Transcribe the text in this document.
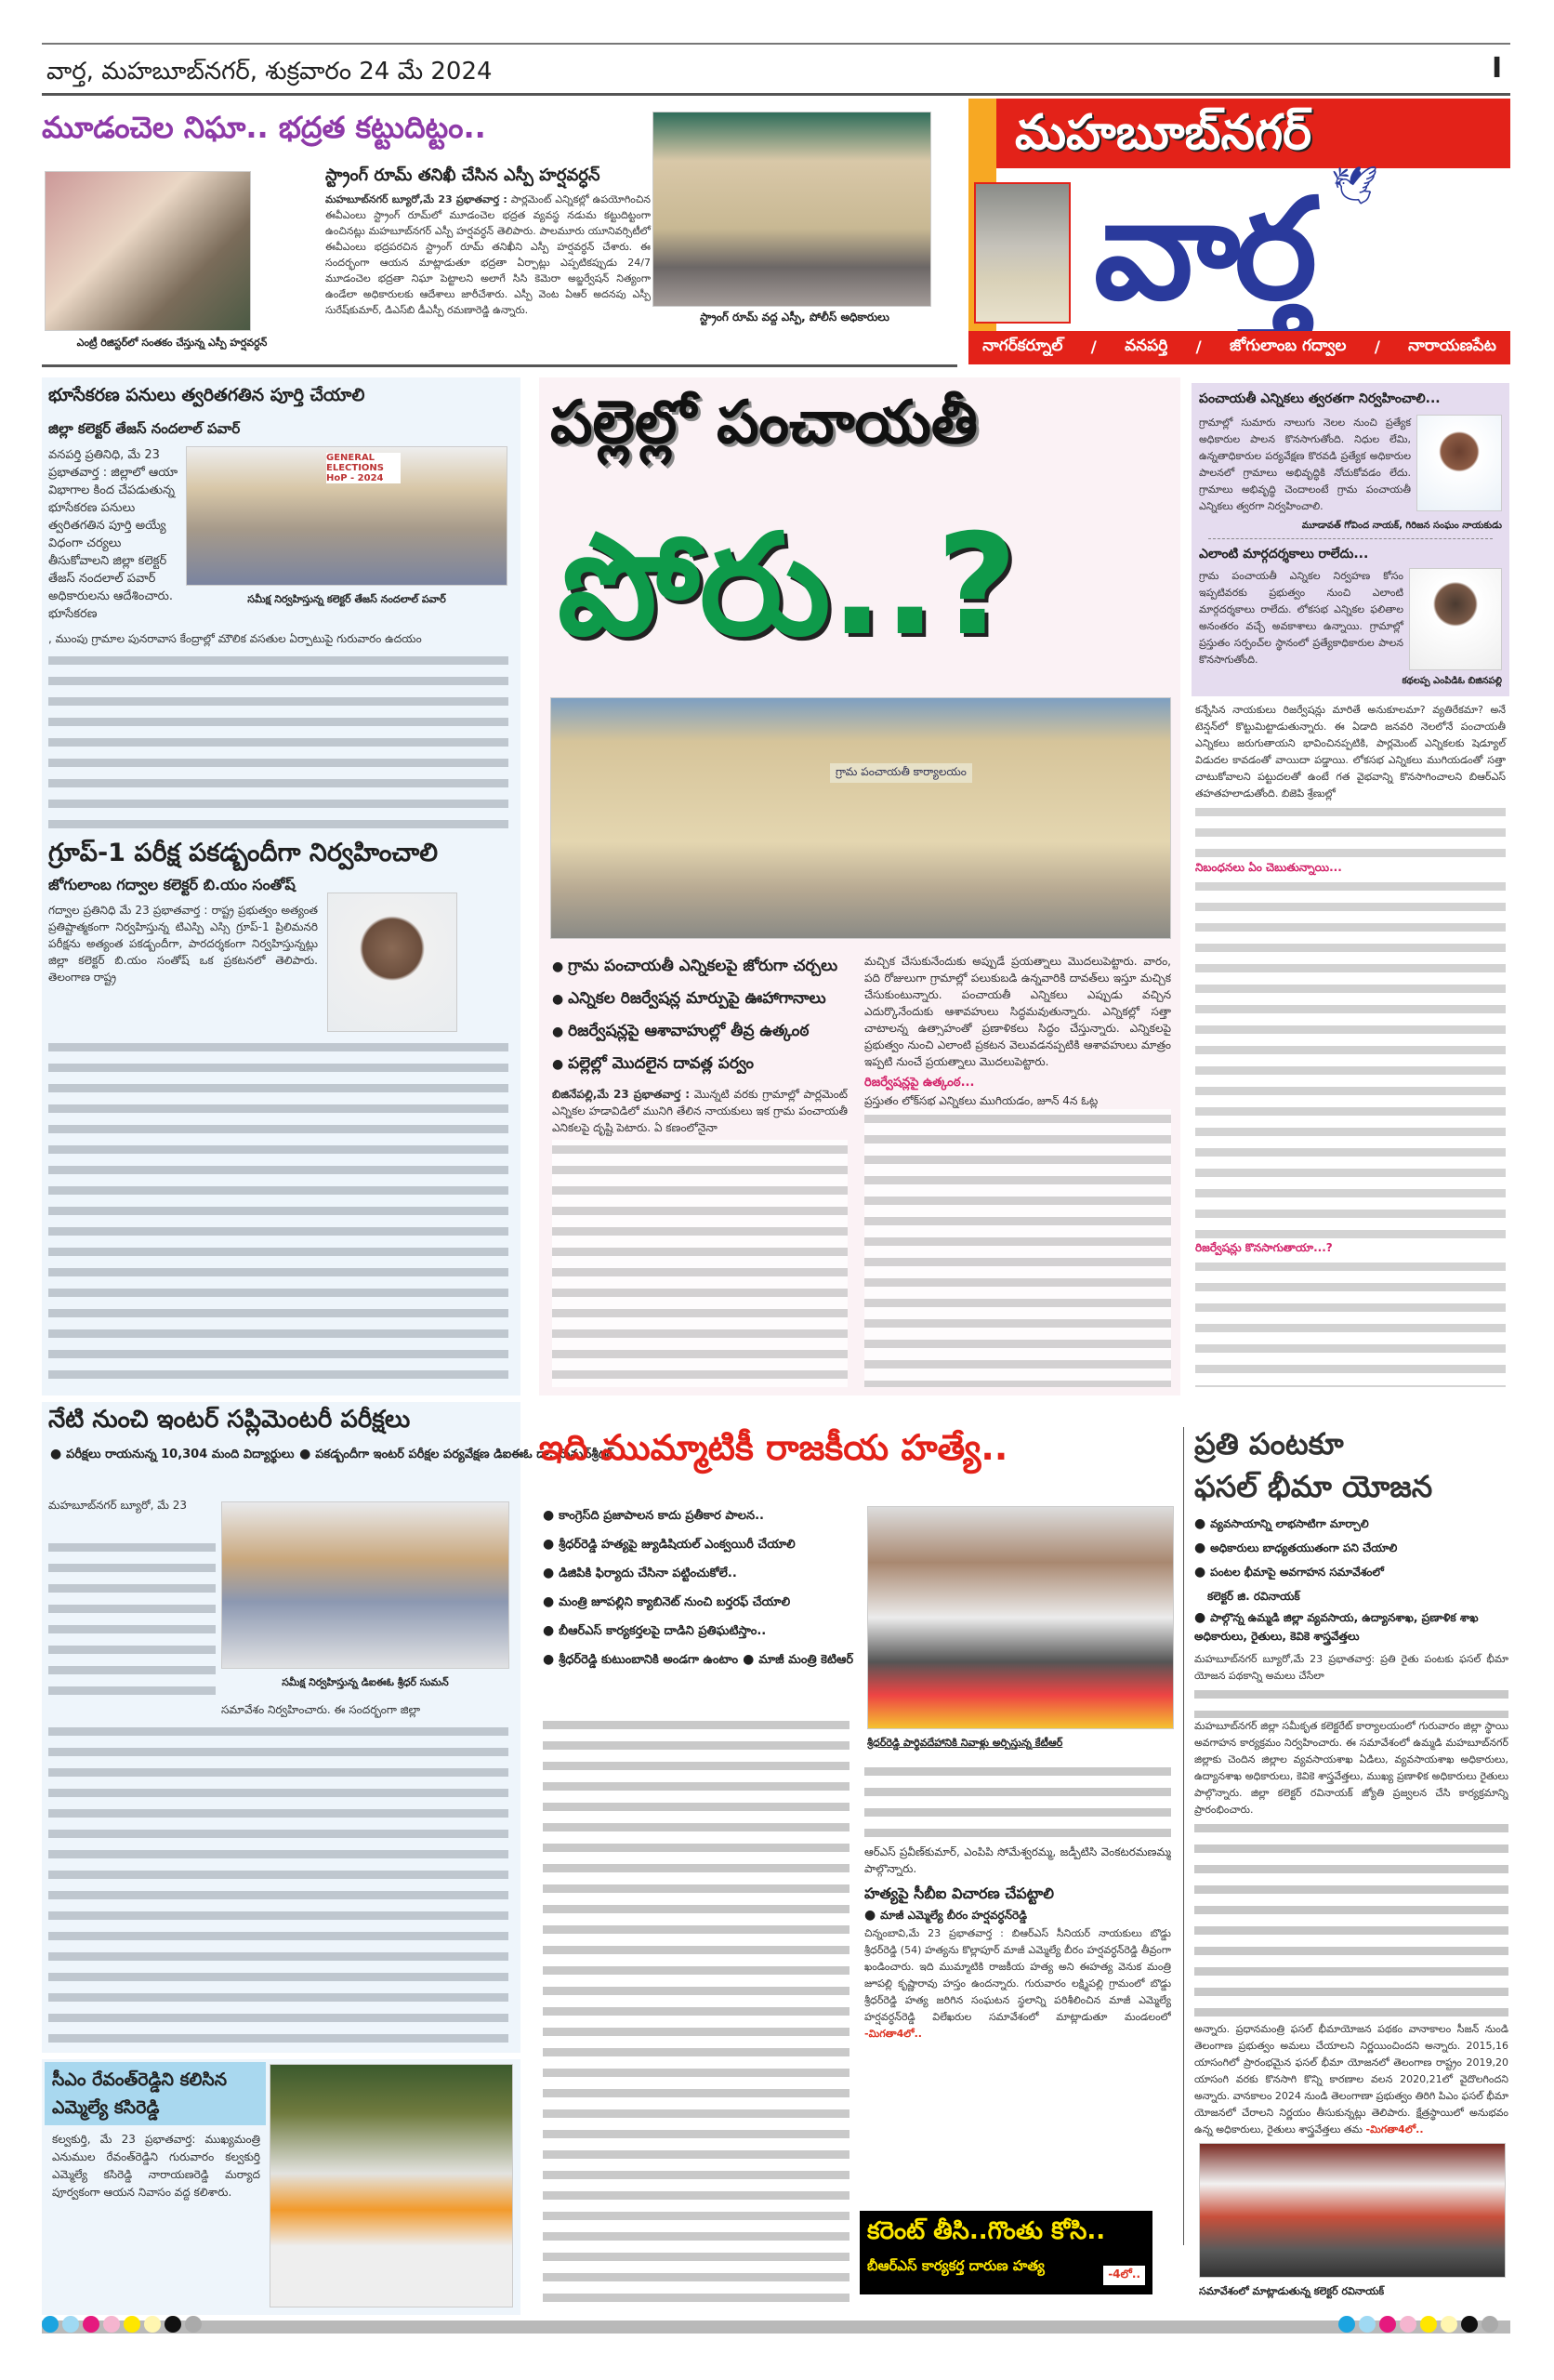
వార్త, మహబూబ్‌నగర్, శుక్రవారం 24 మే 2024	I
మూడంచెల నిఘా.. భద్రత కట్టుదిట్టం..
ఎంట్రీ రిజిస్టర్‌లో సంతకం చేస్తున్న ఎస్పీ హర్షవర్ధన్
స్ట్రాంగ్ రూమ్ తనిఖీ చేసిన ఎస్పీ హర్షవర్ధన్
స్ట్రాంగ్ రూమ్ వద్ద ఎస్పీ, పోలీస్ అధికారులు
మహబూబ్‌నగర్ బ్యూరో,మే 23 ప్రభాతవార్త : పార్లమెంట్ ఎన్నికల్లో ఉపయోగించిన ఈవీఎంలు స్ట్రాంగ్ రూమ్‌లో మూడంచెల భద్రత వ్యవస్థ నడుమ కట్టుదిట్టంగా ఉంచినట్లు మహబూబ్‌నగర్ ఎస్పీ హర్షవర్ధన్ తెలిపారు. పాలమూరు యూనివర్సిటీలో ఈవీఎంలు భద్రపరచిన స్ట్రాంగ్ రూమ్ తనిఖీని ఎస్పీ హర్షవర్ధన్ చేశారు. ఈ సందర్భంగా ఆయన మాట్లాడుతూ భద్రతా ఏర్పాట్లు ఎప్పటికప్పుడు 24/7 మూడంచెల భద్రతా నిఘా పెట్టాలని అలాగే సిసి కెమెరా అబ్జర్వేషన్ నిత్యంగా ఉండేలా అధికారులకు ఆదేశాలు జారీచేశారు. ఎస్పీ వెంట ఏఆర్ అదనపు ఎస్పీ సురేష్‌కుమార్, డిఎస్‌బి డీఎస్పీ రమణారెడ్డి ఉన్నారు.
మహబూబ్‌నగర్
వార్త 🕊
నాగర్‌కర్నూల్ / వనపర్తి / జోగులాంబ గద్వాల / నారాయణపేట
భూసేకరణ పనులు త్వరితగతిన పూర్తి చేయాలి
జిల్లా కలెక్టర్ తేజస్ నందలాల్ పవార్
వనపర్తి ప్రతినిధి, మే 23 ప్రభాతవార్త : జిల్లాలో ఆయా విభాగాల కింద చేపడుతున్న భూసేకరణ పనులు త్వరితగతిన పూర్తి అయ్యే విధంగా చర్యలు తీసుకోవాలని జిల్లా కలెక్టర్ తేజస్ నందలాల్ పవార్ అధికారులను ఆదేశించారు. భూసేకరణ
GENERAL ELECTIONS HoP - 2024
సమీక్ష నిర్వహిస్తున్న కలెక్టర్ తేజస్ నందలాల్ పవార్
, ముంపు గ్రామాల పునరావాస కేంద్రాల్లో మౌలిక వసతుల ఏర్పాటుపై గురువారం ఉదయం
గ్రూప్-1 పరీక్ష పకడ్బందీగా నిర్వహించాలి
జోగులాంబ గద్వాల కలెక్టర్ బి.యం సంతోష్
గద్వాల ప్రతినిధి మే 23 ప్రభాతవార్త : రాష్ట్ర ప్రభుత్వం అత్యంత ప్రతిష్టాత్మకంగా నిర్వహిస్తున్న టిఎస్పి ఎస్సి గ్రూప్-1 ప్రిలిమనరి పరీక్షను అత్యంత పకడ్బందీగా, పారదర్శకంగా నిర్వహిస్తున్నట్లు జిల్లా కలెక్టర్ బి.యం సంతోష్ ఒక ప్రకటనలో తెలిపారు. తెలంగాణ రాష్ట్ర
పల్లెల్లో పంచాయతీ
పోరు..?
గ్రామ పంచాయతీ కార్యాలయం
● గ్రామ పంచాయతీ ఎన్నికలపై జోరుగా చర్చలు ● ఎన్నికల రిజర్వేషన్ల మార్పుపై ఊహాగానాలు ● రిజర్వేషన్లపై ఆశావాహుల్లో తీవ్ర ఉత్కంఠ ● పల్లెల్లో మొదలైన దావత్ల పర్వం
బిజినేపల్లి,మే 23 ప్రభాతవార్త : మొన్నటి వరకు గ్రామాల్లో పార్లమెంట్ ఎన్నికల హడావిడిలో మునిగి తేలిన నాయకులు ఇక గ్రామ పంచాయతీ ఎనికలపై దృష్టి పెటారు. ఏ కణంలోనైనా
మచ్చిక చేసుకునేందుకు అప్పుడే ప్రయత్నాలు మొదలుపెట్టారు. వారం, పది రోజులుగా గ్రామాల్లో పలుకుబడి ఉన్నవారికి దావత్‌లు ఇస్తూ మచ్చిక చేసుకుంటున్నారు. పంచాయతీ ఎన్నికలు ఎప్పుడు వచ్చిన ఎదుర్కొనేందుకు ఆశావహులు సిద్ధమవుతున్నారు. ఎన్నికల్లో సత్తా చాటాలన్న ఉత్సాహంతో ప్రణాళికలు సిద్ధం చేస్తున్నారు. ఎన్నికలపై ప్రభుత్వం నుంచి ఎలాంటి ప్రకటన వెలువడనప్పటికి ఆశావహులు మాత్రం ఇప్పటి నుంచే ప్రయత్నాలు మొదలుపెట్టారు.
రిజర్వేషన్లపై ఉత్కంఠ...
ప్రస్తుతం లోక్‌సభ ఎన్నికలు ముగియడం, జూన్ 4న ఓట్ల
పంచాయతీ ఎన్నికలు త్వరతగా నిర్వహించాలి...
గ్రామాల్లో సుమారు నాలుగు నెలల నుంచి ప్రత్యేక అధికారుల పాలన కొనసాగుతోంది. నిధుల లేమి, ఉన్నతాధికారుల పర్యవేక్షణ కొరవడి ప్రత్యేక అధికారుల పాలనలో గ్రామాలు అభివృద్ధికి నోచుకోవడం లేదు. గ్రామాలు అభివృద్ధి చెందాలంటే గ్రామ పంచాయతీ ఎన్నికలు త్వరగా నిర్వహించాలి.
మూడావత్ గోవింద నాయక్, గిరిజన సంఘం నాయకుడు
ఎలాంటి మార్గదర్శకాలు రాలేదు...
గ్రామ పంచాయతీ ఎన్నికల నిర్వహణ కోసం ఇప్పటివరకు ప్రభుత్వం నుంచి ఎలాంటి మార్గదర్శకాలు రాలేదు. లోకసభ ఎన్నికల ఫలితాల అనంతరం వచ్చే అవకాశాలు ఉన్నాయి. గ్రామాల్లో ప్రస్తుతం సర్పంచ్‌ల స్థానంలో ప్రత్యేకాధికారుల పాలన కొనసాగుతోంది.
కథలప్ప ఎంపిడిఓ బిజినపల్లి
కన్నేసిన నాయకులు రిజర్వేషన్లు మారితే అనుకూలమా? వ్యతిరేకమా? అనే టెన్షన్‌లో కొట్టుమిట్టాడుతున్నారు. ఈ ఏడాది జనవరి నెలలోనే పంచాయతీ ఎన్నికలు జరుగుతాయని భావించినప్పటికి, పార్లమెంట్ ఎన్నికలకు షెడ్యూల్ విడుదల కావడంతో వాయిదా పడ్డాయి. లోకసభ ఎన్నికలు ముగియడంతో సత్తా చాటుకోవాలని పట్టుదలతో ఉంటే గత వైభవాన్ని కొనసాగించాలని బిఆర్‌ఎస్ తహతహలాడుతోంది. బిజెపి శ్రేణుల్లో
నిబంధనలు ఏం చెబుతున్నాయి...
రిజర్వేషన్లు కొనసాగుతాయా...?
నేటి నుంచి ఇంటర్ సప్లిమెంటరీ పరీక్షలు
● పరీక్షలు రాయనున్న 10,304 మంది విద్యార్థులు ● పకడ్బందీగా ఇంటర్ పరీక్షల పర్యవేక్షణ డిఐఈఓ డా. సుమన్‌శ్రీధర్
మహబూబ్‌నగర్ బ్యూరో, మే 23
సమీక్ష నిర్వహిస్తున్న డిఐఈఓ శ్రీధర్ సుమన్
సమావేశం నిర్వహించారు. ఈ సందర్భంగా జిల్లా
సీఎం రేవంత్‌రెడ్డిని కలిసిన ఎమ్మెల్యే కసిరెడ్డి
కల్వకుర్తి, మే 23 ప్రభాతవార్త: ముఖ్యమంత్రి ఎనుముల రేవంత్‌రెడ్డిని గురువారం కల్వకుర్తి ఎమ్మెల్యే కసిరెడ్డి నారాయణరెడ్డి మర్యాద పూర్వకంగా ఆయన నివాసం వద్ద కలిశారు.
ఇది ముమ్మాటికీ రాజకీయ హత్యే..
● కాంగ్రెస్‌ది ప్రజాపాలన కాదు ప్రతీకార పాలన.. ● శ్రీధర్‌రెడ్డి హత్యపై జ్యుడిషియల్ ఎంక్వయిరీ చేయాలి ● డిజిపికి ఫిర్యాదు చేసినా పట్టించుకోలే.. ● మంత్రి జూపల్లిని క్యాబినెట్ నుంచి బర్తరఫ్ చేయాలి ● బీఆర్‌ఎస్ కార్యకర్తలపై దాడిని ప్రతిఘటిస్తాం.. ● శ్రీధర్‌రెడ్డి కుటుంబానికి అండగా ఉంటాం ● మాజీ మంత్రి కెటిఆర్
శ్రీధర్‌రెడ్డి పార్థివదేహానికి నివాళ్లు అర్పిస్తున్న కేటీఆర్
ఆర్‌ఎస్ ప్రవీణ్‌కుమార్, ఎంపిపి సోమేశ్వరమ్మ, జడ్పీటిసి వెంకటరమణమ్మ పాల్గొన్నారు.
హత్యపై సీబీఐ విచారణ చేపట్టాలి
● మాజీ ఎమ్మెల్యే బీరం హర్షవర్ధన్‌రెడ్డి
చిన్నంబావి,మే 23 ప్రభాతవార్త : బిఆర్‌ఎస్ సీనియర్ నాయకులు బొడ్డు శ్రీధర్‌రెడ్డి (54) హత్యను కొల్లాపూర్ మాజీ ఎమ్మెల్యే బీరం హర్షవర్ధన్‌రెడ్డి తీవ్రంగా ఖండించారు. ఇది ముమ్మాటికి రాజకీయ హత్య అని ఈహత్య వెనుక మంత్రి జూపల్లి కృష్ణారావు హస్తం ఉందన్నారు. గురువారం లక్ష్మిపల్లి గ్రామంలో బొడ్డు శ్రీధర్‌రెడ్డి హత్య జరిగిన సంఘటన స్థలాన్ని పరిశీలించిన మాజీ ఎమ్మెల్యే హర్షవర్ధన్‌రెడ్డి విలేఖరుల సమావేశంలో మాట్లాడుతూ మండలంలో -మిగతా4లో..
కరెంట్ తీసి..గొంతు కోసి.. బీఆర్‌ఎస్ కార్యకర్త దారుణ హత్య	-4లో..
ప్రతి పంటకూ ఫసల్ భీమా యోజన
● వ్యవసాయాన్ని లాభసాటిగా మార్చాలి ● అధికారులు బాధ్యతయుతంగా పని చేయాలి ● పంటల భీమాపై అవగాహన సమావేశంలో
కలెక్టర్ జి. రవినాయక్
● పాల్గొన్న ఉమ్మడి జిల్లా వ్యవసాయ, ఉద్యానశాఖ, ప్రణాళిక శాఖ అధికారులు, రైతులు, కెవికె శాస్త్రవేత్తలు
మహబూబ్‌నగర్ బ్యూరో,మే 23 ప్రభాతవార్త: ప్రతి రైతు పంటకు ఫసల్ భీమా యోజన పథకాన్ని అమలు చేసేలా
మహబూబ్‌నగర్ జిల్లా సమీకృత కలెక్టరేట్ కార్యాలయంలో గురువారం జిల్లా స్థాయి అవగాహన కార్యక్రమం నిర్వహించారు. ఈ సమావేశంలో ఉమ్మడి మహబూబ్‌నగర్ జిల్లాకు చెందిన జిల్లాల వ్యవసాయశాఖ ఏడిలు, వ్యవసాయశాఖ అధికారులు, ఉద్యానశాఖ అధికారులు, కెవికె శాస్త్రవేత్తలు, ముఖ్య ప్రణాళిక అధికారులు రైతులు పాల్గొన్నారు. జిల్లా కలెక్టర్ రవినాయక్ జ్యోతి ప్రజ్వలన చేసి కార్యక్రమాన్ని ప్రారంభించారు.
అన్నారు. ప్రధానమంత్రి ఫసల్ భీమాయోజన పథకం వానాకాలం సీజన్ నుండి తెలంగాణ ప్రభుత్వం అమలు చేయాలని నిర్ణయించిందని అన్నారు. 2015,16 యాసంగిలో ప్రారంభమైన ఫసల్ భీమా యోజనలో తెలంగాణ రాష్ట్రం 2019,20 యాసంగి వరకు కొనసాగి కొన్ని కారణాల వలన 2020,21లో వైదొలగిందని అన్నారు. వానకాలం 2024 నుండి తెలంగాణా ప్రభుత్వం తిరిగి పిఎం ఫసల్ భీమా యోజనలో చేరాలని నిర్ణయం తీసుకున్నట్లు తెలిపారు. క్షేత్రస్థాయిలో అనుభవం ఉన్న అధికారులు, రైతులు శాస్త్రవేత్తలు తమ -మిగతా4లో..
సమావేశంలో మాట్లాడుతున్న కలెక్టర్ రవినాయక్
